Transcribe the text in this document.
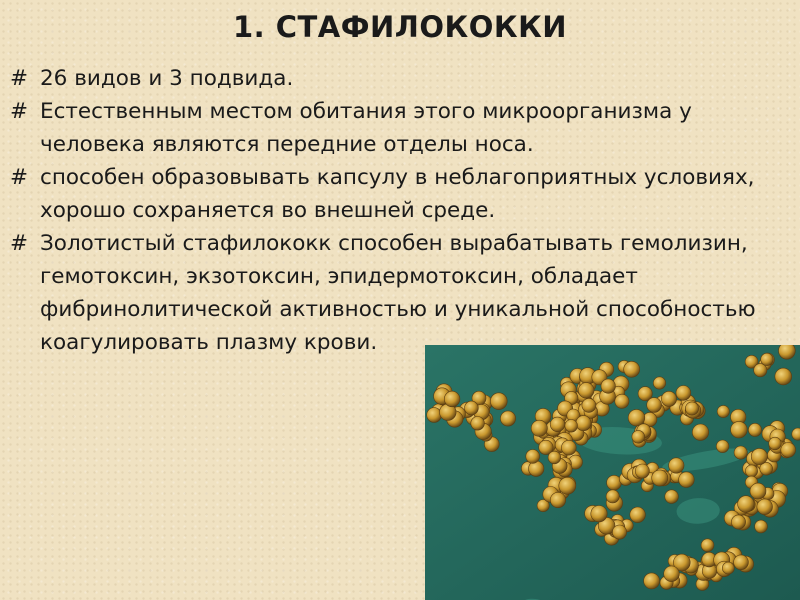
1. СТАФИЛОКОККИ
# 26 видов и 3 подвида.
# Естественным местом обитания этого микроорганизма у человека являются передние отделы носа.
# способен образовывать капсулу в неблагоприятных условиях, хорошо сохраняется во внешней среде.
# Золотистый стафилококк способен вырабатывать гемолизин, гемотоксин, экзотоксин, эпидермотоксин, обладает фибринолитической активностью и уникальной способностью коагулировать плазму крови.
